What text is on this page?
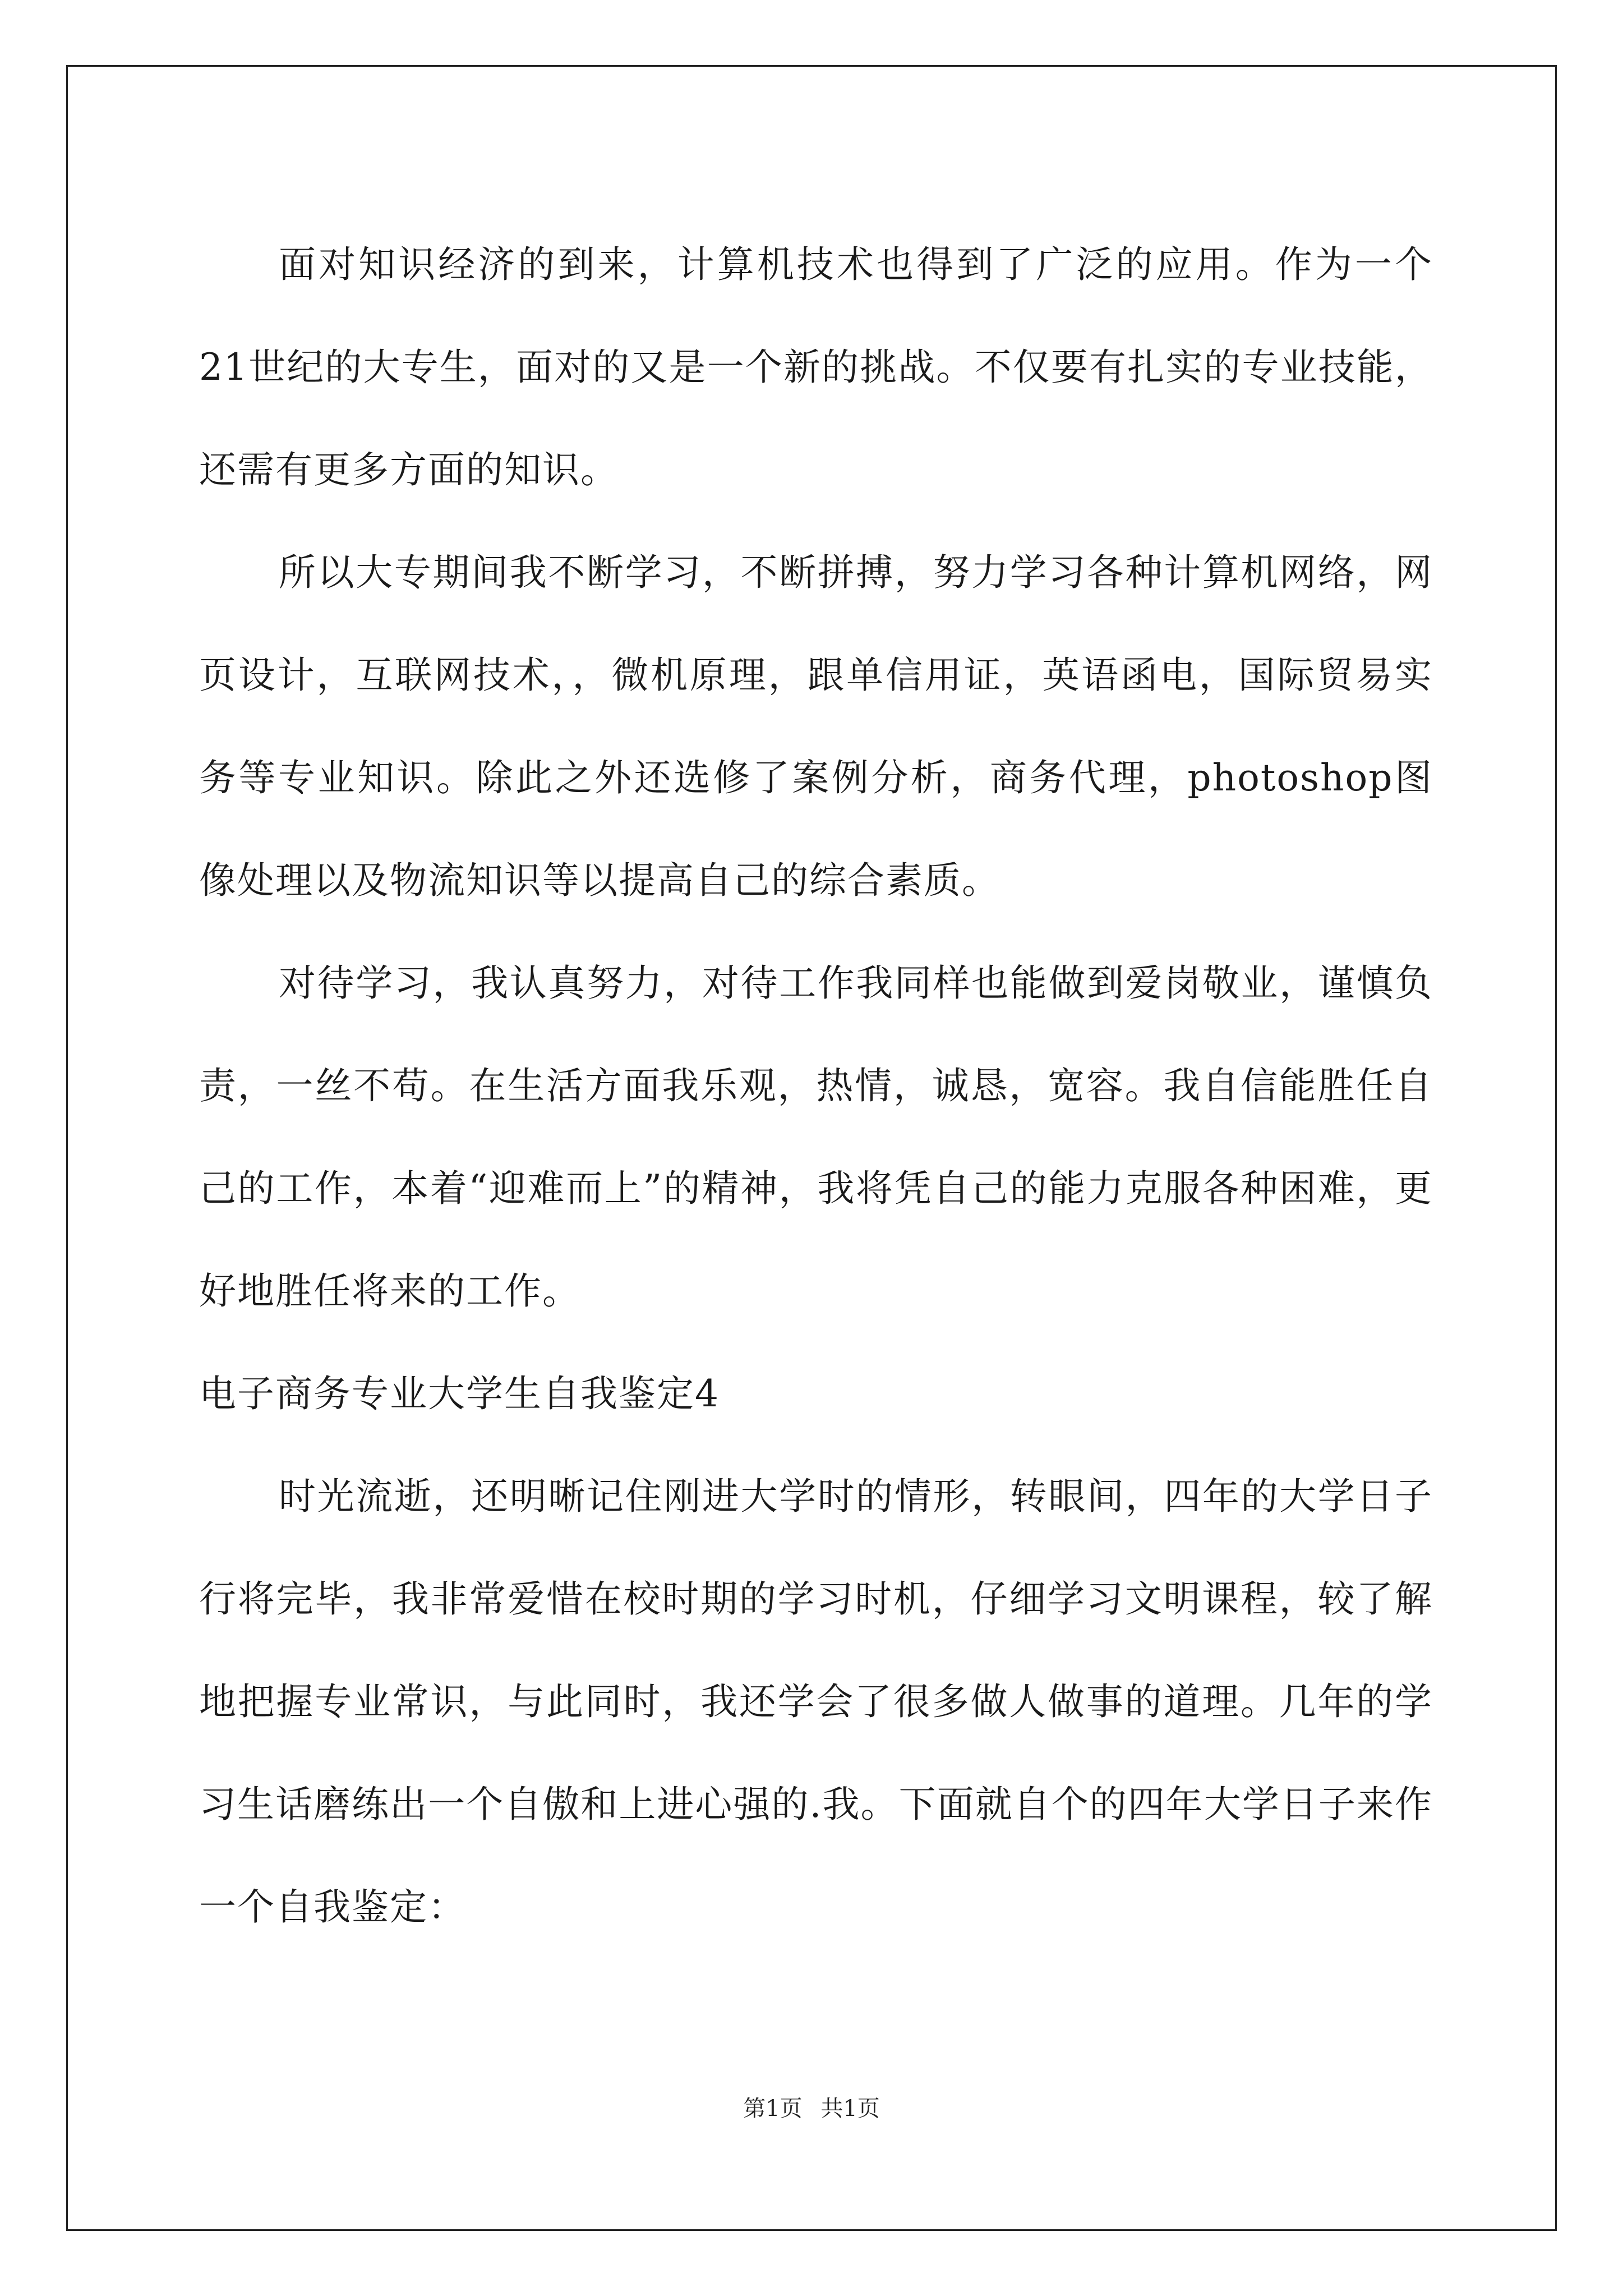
面对知识经济的到来，计算机技术也得到了广泛的应用。作为一个21世纪的大专生，面对的又是一个新的挑战。不仅要有扎实的专业技能，还需有更多方面的知识。

所以大专期间我不断学习，不断拼搏，努力学习各种计算机网络，网页设计，互联网技术，，微机原理，跟单信用证，英语函电，国际贸易实务等专业知识。除此之外还选修了案例分析，商务代理，photoshop图像处理以及物流知识等以提高自己的综合素质。

对待学习，我认真努力，对待工作我同样也能做到爱岗敬业，谨慎负责，一丝不苟。在生活方面我乐观，热情，诚恳，宽容。我自信能胜任自己的工作，本着“迎难而上”的精神，我将凭自己的能力克服各种困难，更好地胜任将来的工作。

电子商务专业大学生自我鉴定4

时光流逝，还明晰记住刚进大学时的情形，转眼间，四年的大学日子行将完毕，我非常爱惜在校时期的学习时机，仔细学习文明课程，较了解地把握专业常识，与此同时，我还学会了很多做人做事的道理。几年的学习生话磨练出一个自傲和上进心强的.我。下面就自个的四年大学日子来作一个自我鉴定：

第1页 共1页
